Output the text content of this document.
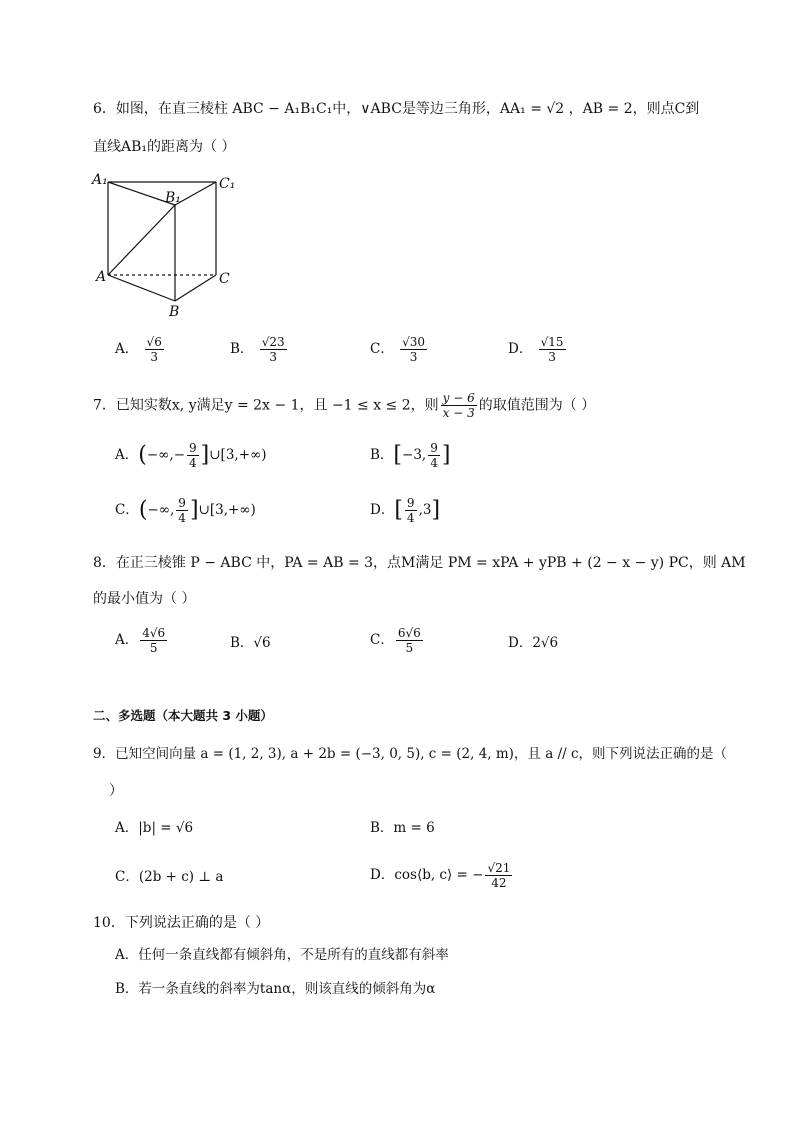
6．如图，在直三棱柱 ABC − A₁B₁C₁中，∨ABC是等边三角形，AA₁ = √2 ，AB = 2，则点C到
直线AB₁的距离为（ ）
A₁	C₁
B₁
A	C
B
A． $\frac{√6}{3}$	B． $\frac{√23}{3}$	C． $\frac{√30}{3}$	D． $\frac{√15}{3}$
7．已知实数x, y满足y = 2x − 1，且 −1 ≤ x ≤ 2，则 $\frac{y - 6}{x - 3}$ 的取值范围为（ ）
A．(−∞,− $\frac{9}{4}$ ]∪[3,+∞)	B．[−3, $\frac{9}{4}$ ]
C．(−∞, $\frac{9}{4}$ ]∪[3,+∞)	D．[ $\frac{9}{4} ,3$]
8．在正三棱锥 P − ABC 中，PA = AB = 3，点M满足 PM = xPA + yPB + (2 − x − y) PC，则 AM
的最小值为（ ）
A． $\frac{4√6}{5}$	B．√6	C． $\frac{6√6}{5}$	D．2√6
二、多选题（本大题共 3 小题）
9．已知空间向量 a = (1, 2, 3), a + 2b = (−3, 0, 5), c = (2, 4, m)，且 a // c，则下列说法正确的是（
）
A．|b| = √6	B．m = 6
C．(2b + c) ⊥ a	D．cos⟨b, c⟩ = − $\frac{√21}{42}$
10．下列说法正确的是（ ）
A．任何一条直线都有倾斜角，不是所有的直线都有斜率
B．若一条直线的斜率为tanα，则该直线的倾斜角为α
